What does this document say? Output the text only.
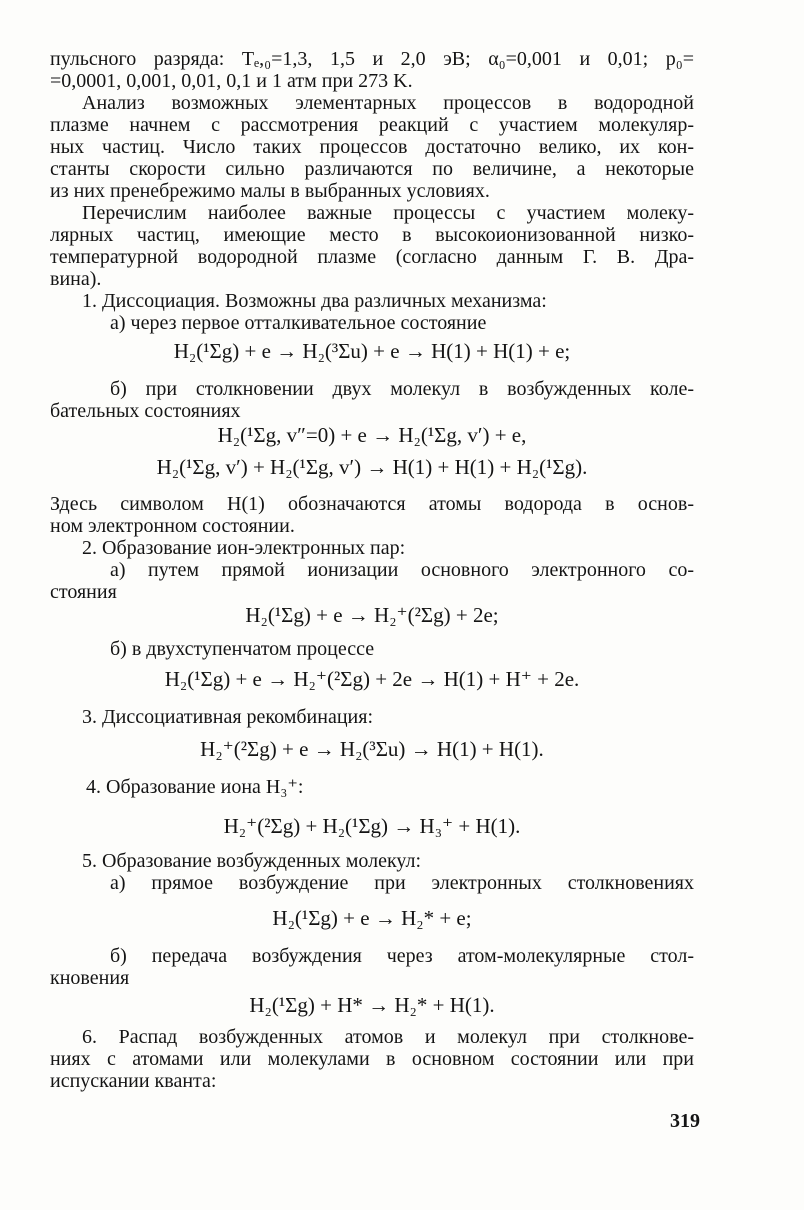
пульсного разряда: Tₑ,₀=1,3, 1,5 и 2,0 эВ; α₀=0,001 и 0,01; p₀=
=0,0001, 0,001, 0,01, 0,1 и 1 атм при 273 K.
Анализ возможных элементарных процессов в водородной
плазме начнем с рассмотрения реакций с участием молекуляр-
ных частиц. Число таких процессов достаточно велико, их кон-
станты скорости сильно различаются по величине, а некоторые
из них пренебрежимо малы в выбранных условиях.
Перечислим наиболее важные процессы с участием молеку-
лярных частиц, имеющие место в высокоионизованной низко-
температурной водородной плазме (согласно данным Г. В. Дра-
вина).
1. Диссоциация. Возможны два различных механизма:
а) через первое отталкивательное состояние
H₂(¹Σg) + e → H₂(³Σu) + e → H(1) + H(1) + e;
б) при столкновении двух молекул в возбужденных коле-
бательных состояниях
H₂(¹Σg, v″=0) + e → H₂(¹Σg, v′) + e,
H₂(¹Σg, v′) + H₂(¹Σg, v′) → H(1) + H(1) + H₂(¹Σg).
Здесь символом H(1) обозначаются атомы водорода в основ-
ном электронном состоянии.
2. Образование ион-электронных пар:
а) путем прямой ионизации основного электронного со-
стояния
H₂(¹Σg) + e → H₂⁺(²Σg) + 2e;
б) в двухступенчатом процессе
H₂(¹Σg) + e → H₂⁺(²Σg) + 2e → H(1) + H⁺ + 2e.
3. Диссоциативная рекомбинация:
H₂⁺(²Σg) + e → H₂(³Σu) → H(1) + H(1).
4. Образование иона H₃⁺:
H₂⁺(²Σg) + H₂(¹Σg) → H₃⁺ + H(1).
5. Образование возбужденных молекул:
а) прямое возбуждение при электронных столкновениях
H₂(¹Σg) + e → H₂* + e;
б) передача возбуждения через атом-молекулярные стол-
кновения
H₂(¹Σg) + H* → H₂* + H(1).
6. Распад возбужденных атомов и молекул при столкнове-
ниях с атомами или молекулами в основном состоянии или при
испускании кванта:
319
